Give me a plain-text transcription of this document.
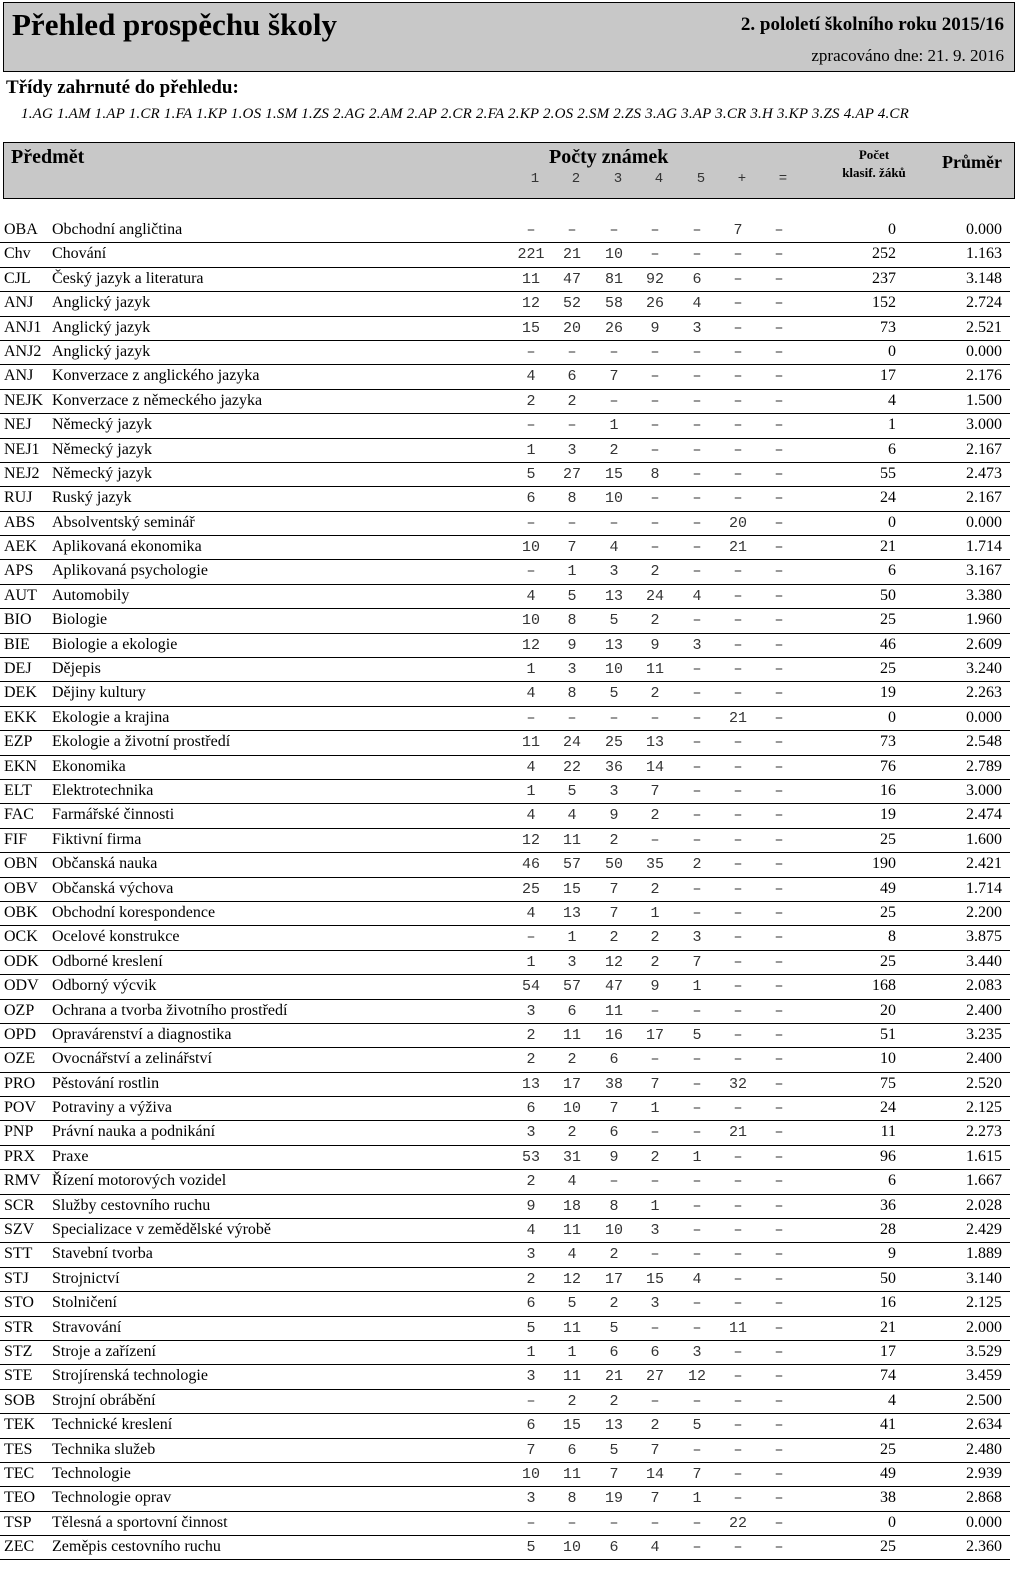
Přehled prospěchu školy	2. pololetí školního roku 2015/16
zpracováno dne: 21. 9. 2016
Třídy zahrnuté do přehledu:
1.AG 1.AM 1.AP 1.CR 1.FA 1.KP 1.OS 1.SM 1.ZS 2.AG 2.AM 2.AP 2.CR 2.FA 2.KP 2.OS 2.SM 2.ZS 3.AG 3.AP 3.CR 3.H 3.KP 3.ZS 4.AP 4.CR
Předmět	Počty známek
1	2	3	4	5	+	=
Počet
klasif. žáků
Průměr
OBA Obchodní angličtina	–	–	–	–	–	7	–	0	0.000
Chv Chování	221	21	10	–	–	–	–	252	1.163
CJL Český jazyk a literatura	11	47	81	92	6	–	–	237	3.148
ANJ Anglický jazyk	12	52	58	26	4	–	–	152	2.724
ANJ1 Anglický jazyk	15	20	26	9	3	–	–	73	2.521
ANJ2 Anglický jazyk	–	–	–	–	–	–	–	0	0.000
ANJ Konverzace z anglického jazyka	4	6	7	–	–	–	–	17	2.176
NEJK Konverzace z německého jazyka	2	2	–	–	–	–	–	4	1.500
NEJ Německý jazyk	–	–	1	–	–	–	–	1	3.000
NEJ1 Německý jazyk	1	3	2	–	–	–	–	6	2.167
NEJ2 Německý jazyk	5	27	15	8	–	–	–	55	2.473
RUJ Ruský jazyk	6	8	10	–	–	–	–	24	2.167
ABS Absolventský seminář	–	–	–	–	–	20	–	0	0.000
AEK Aplikovaná ekonomika	10	7	4	–	–	21	–	21	1.714
APS Aplikovaná psychologie	–	1	3	2	–	–	–	6	3.167
AUT Automobily	4	5	13	24	4	–	–	50	3.380
BIO Biologie	10	8	5	2	–	–	–	25	1.960
BIE Biologie a ekologie	12	9	13	9	3	–	–	46	2.609
DEJ Dějepis	1	3	10	11	–	–	–	25	3.240
DEK Dějiny kultury	4	8	5	2	–	–	–	19	2.263
EKK Ekologie a krajina	–	–	–	–	–	21	–	0	0.000
EZP Ekologie a životní prostředí	11	24	25	13	–	–	–	73	2.548
EKN Ekonomika	4	22	36	14	–	–	–	76	2.789
ELT Elektrotechnika	1	5	3	7	–	–	–	16	3.000
FAC Farmářské činnosti	4	4	9	2	–	–	–	19	2.474
FIF Fiktivní firma	12	11	2	–	–	–	–	25	1.600
OBN Občanská nauka	46	57	50	35	2	–	–	190	2.421
OBV Občanská výchova	25	15	7	2	–	–	–	49	1.714
OBK Obchodní korespondence	4	13	7	1	–	–	–	25	2.200
OCK Ocelové konstrukce	–	1	2	2	3	–	–	8	3.875
ODK Odborné kreslení	1	3	12	2	7	–	–	25	3.440
ODV Odborný výcvik	54	57	47	9	1	–	–	168	2.083
OZP Ochrana a tvorba životního prostředí	3	6	11	–	–	–	–	20	2.400
OPD Opravárenství a diagnostika	2	11	16	17	5	–	–	51	3.235
OZE Ovocnářství a zelinářství	2	2	6	–	–	–	–	10	2.400
PRO Pěstování rostlin	13	17	38	7	–	32	–	75	2.520
POV Potraviny a výživa	6	10	7	1	–	–	–	24	2.125
PNP Právní nauka a podnikání	3	2	6	–	–	21	–	11	2.273
PRX Praxe	53	31	9	2	1	–	–	96	1.615
RMV Řízení motorových vozidel	2	4	–	–	–	–	–	6	1.667
SCR Služby cestovního ruchu	9	18	8	1	–	–	–	36	2.028
SZV Specializace v zemědělské výrobě	4	11	10	3	–	–	–	28	2.429
STT Stavební tvorba	3	4	2	–	–	–	–	9	1.889
STJ Strojnictví	2	12	17	15	4	–	–	50	3.140
STO Stolničení	6	5	2	3	–	–	–	16	2.125
STR Stravování	5	11	5	–	–	11	–	21	2.000
STZ Stroje a zařízení	1	1	6	6	3	–	–	17	3.529
STE Strojírenská technologie	3	11	21	27	12	–	–	74	3.459
SOB Strojní obrábění	–	2	2	–	–	–	–	4	2.500
TEK Technické kreslení	6	15	13	2	5	–	–	41	2.634
TES Technika služeb	7	6	5	7	–	–	–	25	2.480
TEC Technologie	10	11	7	14	7	–	–	49	2.939
TEO Technologie oprav	3	8	19	7	1	–	–	38	2.868
TSP Tělesná a sportovní činnost	–	–	–	–	–	22	–	0	0.000
ZEC Zeměpis cestovního ruchu	5	10	6	4	–	–	–	25	2.360
